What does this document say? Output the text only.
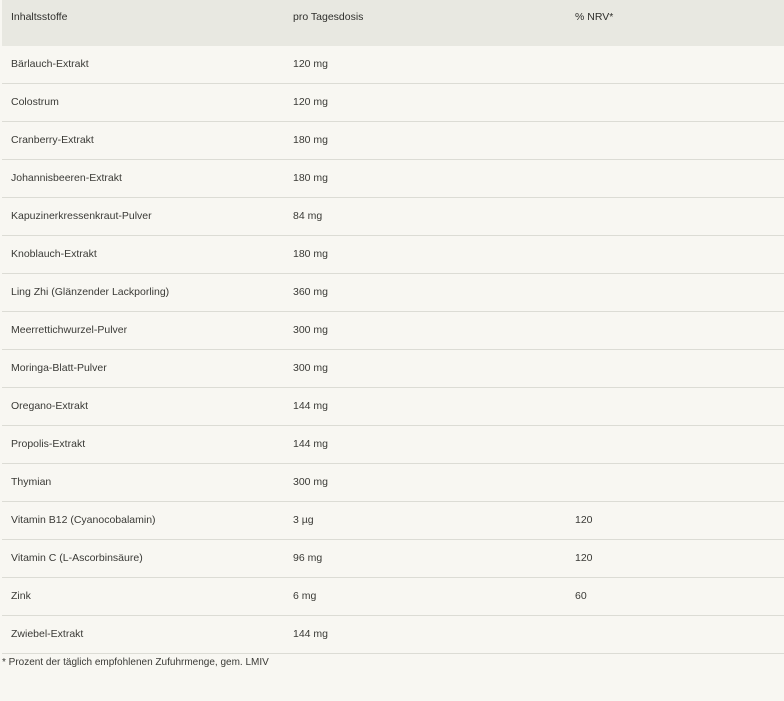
Inhaltsstoffe	pro Tagesdosis	% NRV*
Bärlauch-Extrakt	120 mg
Colostrum	120 mg
Cranberry-Extrakt	180 mg
Johannisbeeren-Extrakt	180 mg
Kapuzinerkressenkraut-Pulver	84 mg
Knoblauch-Extrakt	180 mg
Ling Zhi (Glänzender Lackporling)	360 mg
Meerrettichwurzel-Pulver	300 mg
Moringa-Blatt-Pulver	300 mg
Oregano-Extrakt	144 mg
Propolis-Extrakt	144 mg
Thymian	300 mg
Vitamin B12 (Cyanocobalamin)	3 µg	120
Vitamin C (L-Ascorbinsäure)	96 mg	120
Zink	6 mg	60
Zwiebel-Extrakt	144 mg
* Prozent der täglich empfohlenen Zufuhrmenge, gem. LMIV
